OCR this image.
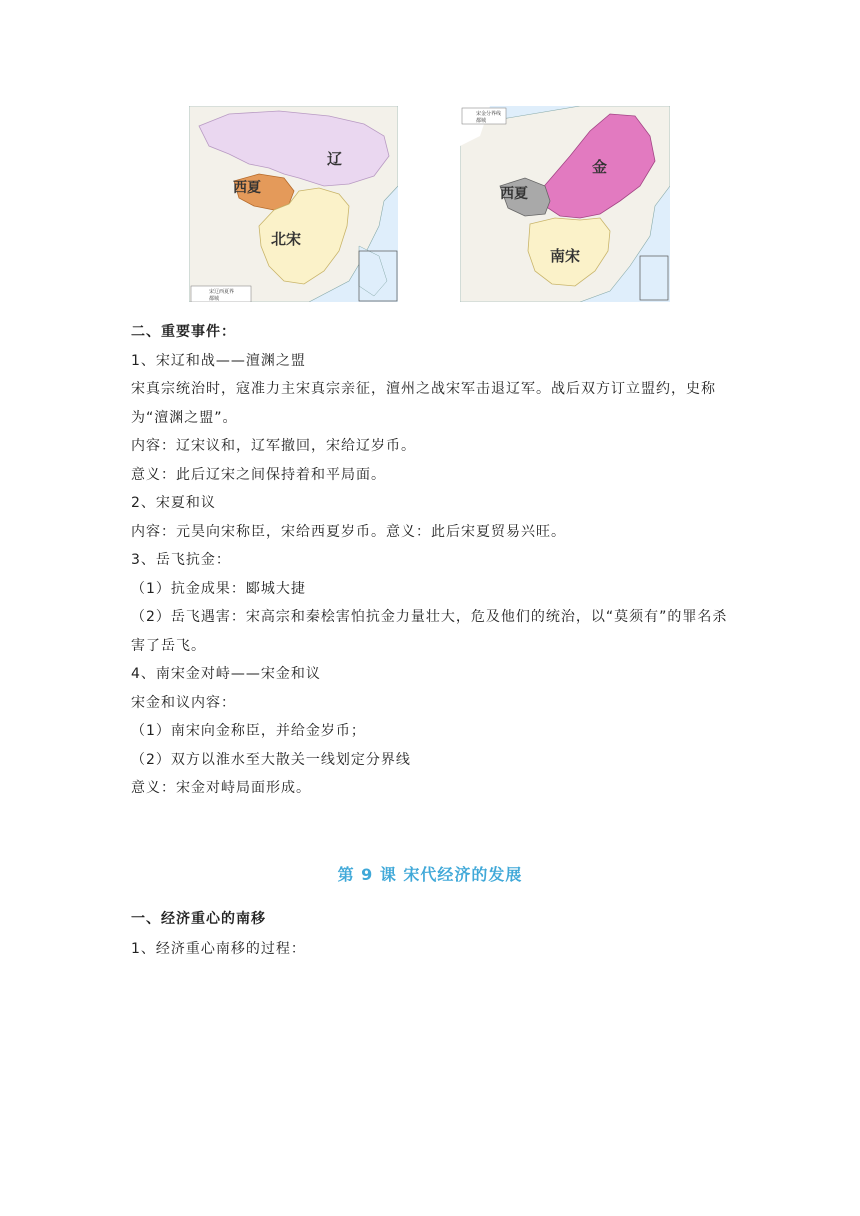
辽
西夏
北宋
宋辽西夏界
都城
金
西夏
南宋
宋金分界线
都城

二、重要事件：

1、宋辽和战——澶渊之盟

宋真宗统治时，寇准力主宋真宗亲征，澶州之战宋军击退辽军。战后双方订立盟约，史称为“澶渊之盟”。

内容：辽宋议和，辽军撤回，宋给辽岁币。

意义：此后辽宋之间保持着和平局面。

2、宋夏和议

内容：元昊向宋称臣，宋给西夏岁币。意义：此后宋夏贸易兴旺。

3、岳飞抗金：

（1）抗金成果：郾城大捷

（2）岳飞遇害：宋高宗和秦桧害怕抗金力量壮大，危及他们的统治，以“莫须有”的罪名杀害了岳飞。

4、南宋金对峙——宋金和议

宋金和议内容：

（1）南宋向金称臣，并给金岁币；

（2）双方以淮水至大散关一线划定分界线

意义：宋金对峙局面形成。

第 9 课 宋代经济的发展

一、经济重心的南移

1、经济重心南移的过程：
